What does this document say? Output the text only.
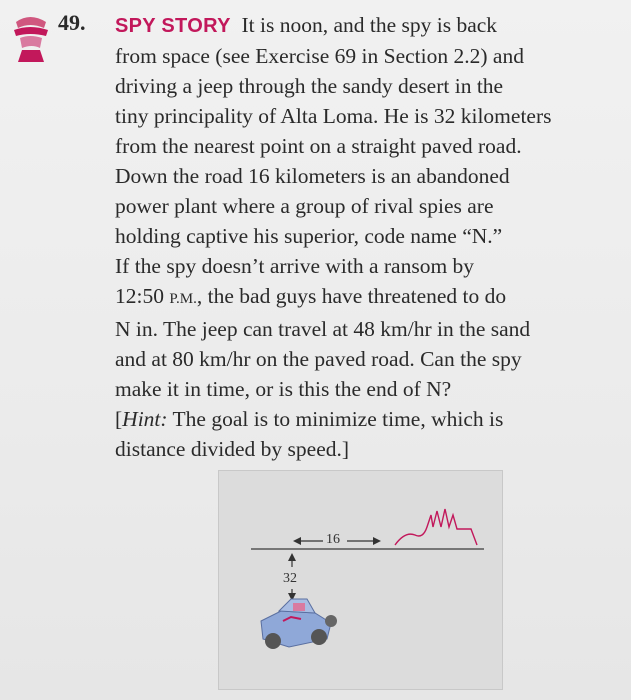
49. SPY STORY It is noon, and the spy is back
from space (see Exercise 69 in Section 2.2) and
driving a jeep through the sandy desert in the
tiny principality of Alta Loma. He is 32 kilometers
from the nearest point on a straight paved road.
Down the road 16 kilometers is an abandoned
power plant where a group of rival spies are
holding captive his superior, code name “N.”
If the spy doesn’t arrive with a ransom by
12:50 P.M., the bad guys have threatened to do
N in. The jeep can travel at 48 km/hr in the sand
and at 80 km/hr on the paved road. Can the spy
make it in time, or is this the end of N?
[Hint: The goal is to minimize time, which is
distance divided by speed.]
16
32
